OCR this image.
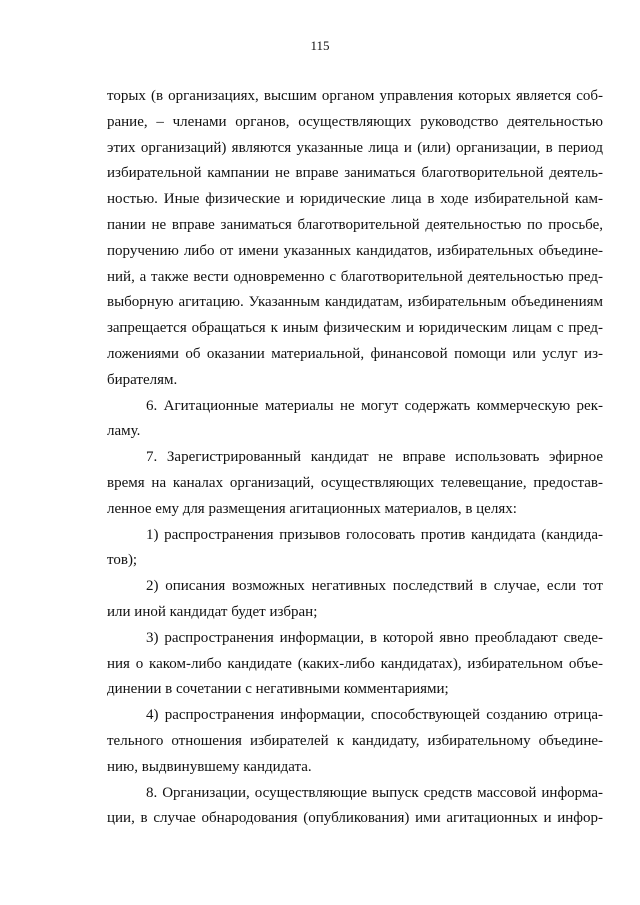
115
торых (в организациях, высшим органом управления которых является соб-
рание, – членами органов, осуществляющих руководство деятельностью
этих организаций) являются указанные лица и (или) организации, в период
избирательной кампании не вправе заниматься благотворительной деятель-
ностью. Иные физические и юридические лица в ходе избирательной кам-
пании не вправе заниматься благотворительной деятельностью по просьбе,
поручению либо от имени указанных кандидатов, избирательных объедине-
ний, а также вести одновременно с благотворительной деятельностью пред-
выборную агитацию. Указанным кандидатам, избирательным объединениям
запрещается обращаться к иным физическим и юридическим лицам с пред-
ложениями об оказании материальной, финансовой помощи или услуг из-
бирателям.
6. Агитационные материалы не могут содержать коммерческую рек-
ламу.
7. Зарегистрированный кандидат не вправе использовать эфирное
время на каналах организаций, осуществляющих телевещание, предостав-
ленное ему для размещения агитационных материалов, в целях:
1) распространения призывов голосовать против кандидата (кандида-
тов);
2) описания возможных негативных последствий в случае, если тот
или иной кандидат будет избран;
3) распространения информации, в которой явно преобладают сведе-
ния о каком-либо кандидате (каких-либо кандидатах), избирательном объе-
динении в сочетании с негативными комментариями;
4) распространения информации, способствующей созданию отрица-
тельного отношения избирателей к кандидату, избирательному объедине-
нию, выдвинувшему кандидата.
8. Организации, осуществляющие выпуск средств массовой информа-
ции, в случае обнародования (опубликования) ими агитационных и инфор-
